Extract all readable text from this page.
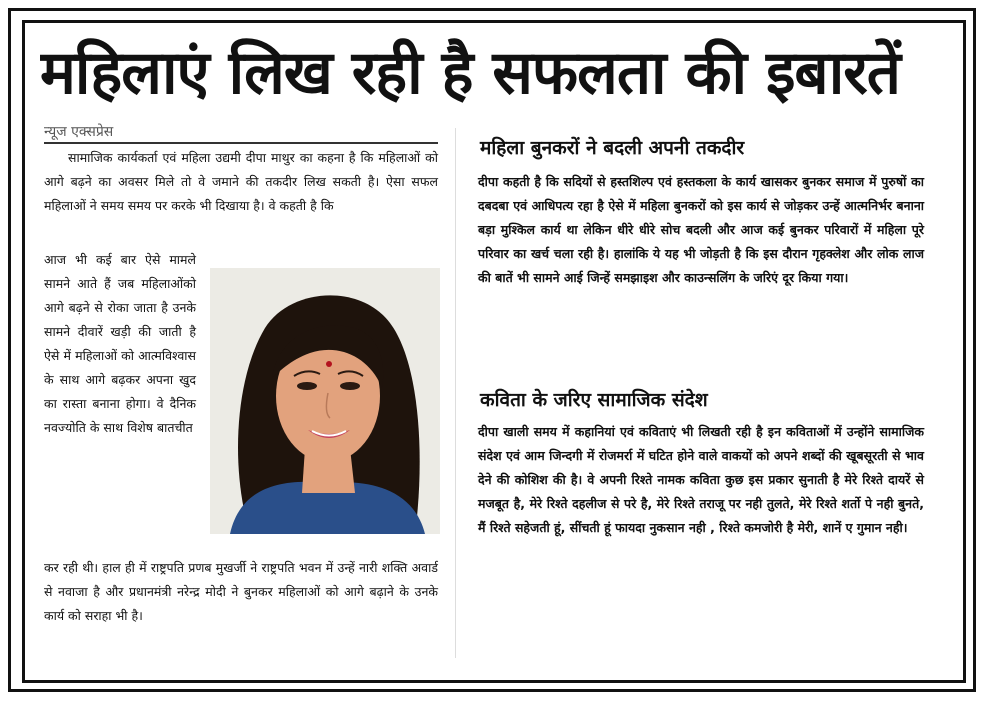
महिलाएं लिख रही है सफलता की इबारतें
न्यूज एक्सप्रेस

सामाजिक कार्यकर्ता एवं महिला उद्यमी दीपा माथुर का कहना है कि महिलाओं को आगे बढ़ने का अवसर मिले तो वे जमाने की तकदीर लिख सकती है। ऐसा सफल महिलाओं ने समय समय पर करके भी दिखाया है। वे कहती है कि

आज भी कई बार ऐसे मामले सामने आते हैं जब महिलाओंको आगे बढ़ने से रोका जाता है उनके सामने दीवारें खड़ी की जाती है ऐसे में महिलाओं को आत्मविश्वास के साथ आगे बढ़कर अपना खुद का रास्ता बनाना होगा। वे दैनिक नवज्योति के साथ विशेष बातचीत

कर रही थी। हाल ही में राष्ट्रपति प्रणब मुखर्जी ने राष्ट्रपति भवन में उन्हें नारी शक्ति अवार्ड से नवाजा है और प्रधानमंत्री नरेन्द्र मोदी ने बुनकर महिलाओं को आगे बढ़ाने के उनके कार्य को सराहा भी है।

महिला बुनकरों ने बदली अपनी तकदीर

दीपा कहती है कि सदियों से हस्तशिल्प एवं हस्तकला के कार्य खासकर बुनकर समाज में पुरुषों का दबदबा एवं आधिपत्य रहा है ऐसे में महिला बुनकरों को इस कार्य से जोड़कर उन्हें आत्मनिर्भर बनाना बड़ा मुश्किल कार्य था लेकिन धीरे धीरे सोच बदली और आज कई बुनकर परिवारों में महिला पूरे परिवार का खर्च चला रही है। हालांकि ये यह भी जोड़ती है कि इस दौरान गृहक्लेश और लोक लाज की बातें भी सामने आई जिन्हें समझाइश और काउन्सलिंग के जरिएं दूर किया गया।

कविता के जरिए सामाजिक संदेश

दीपा खाली समय में कहानियां एवं कविताएं भी लिखती रही है इन कविताओं में उन्होंने सामाजिक संदेश एवं आम जिन्दगी में रोजमर्रा में घटित होने वाले वाकयों को अपने शब्दों की खूबसूरती से भाव देने की कोशिश की है। वे अपनी रिश्ते नामक कविता कुछ इस प्रकार सुनाती है मेरे रिश्ते दायरें से मजबूत है, मेरे रिश्ते दहलीज से परे है, मेरे रिश्ते तराजू पर नही तुलते, मेरे रिश्ते शर्तो पे नही बुनते, मैं रिश्ते सहेजती हूं, सींचती हूं फायदा नुकसान नही , रिश्ते कमजोरी है मेरी, शानें ए गुमान नही।
